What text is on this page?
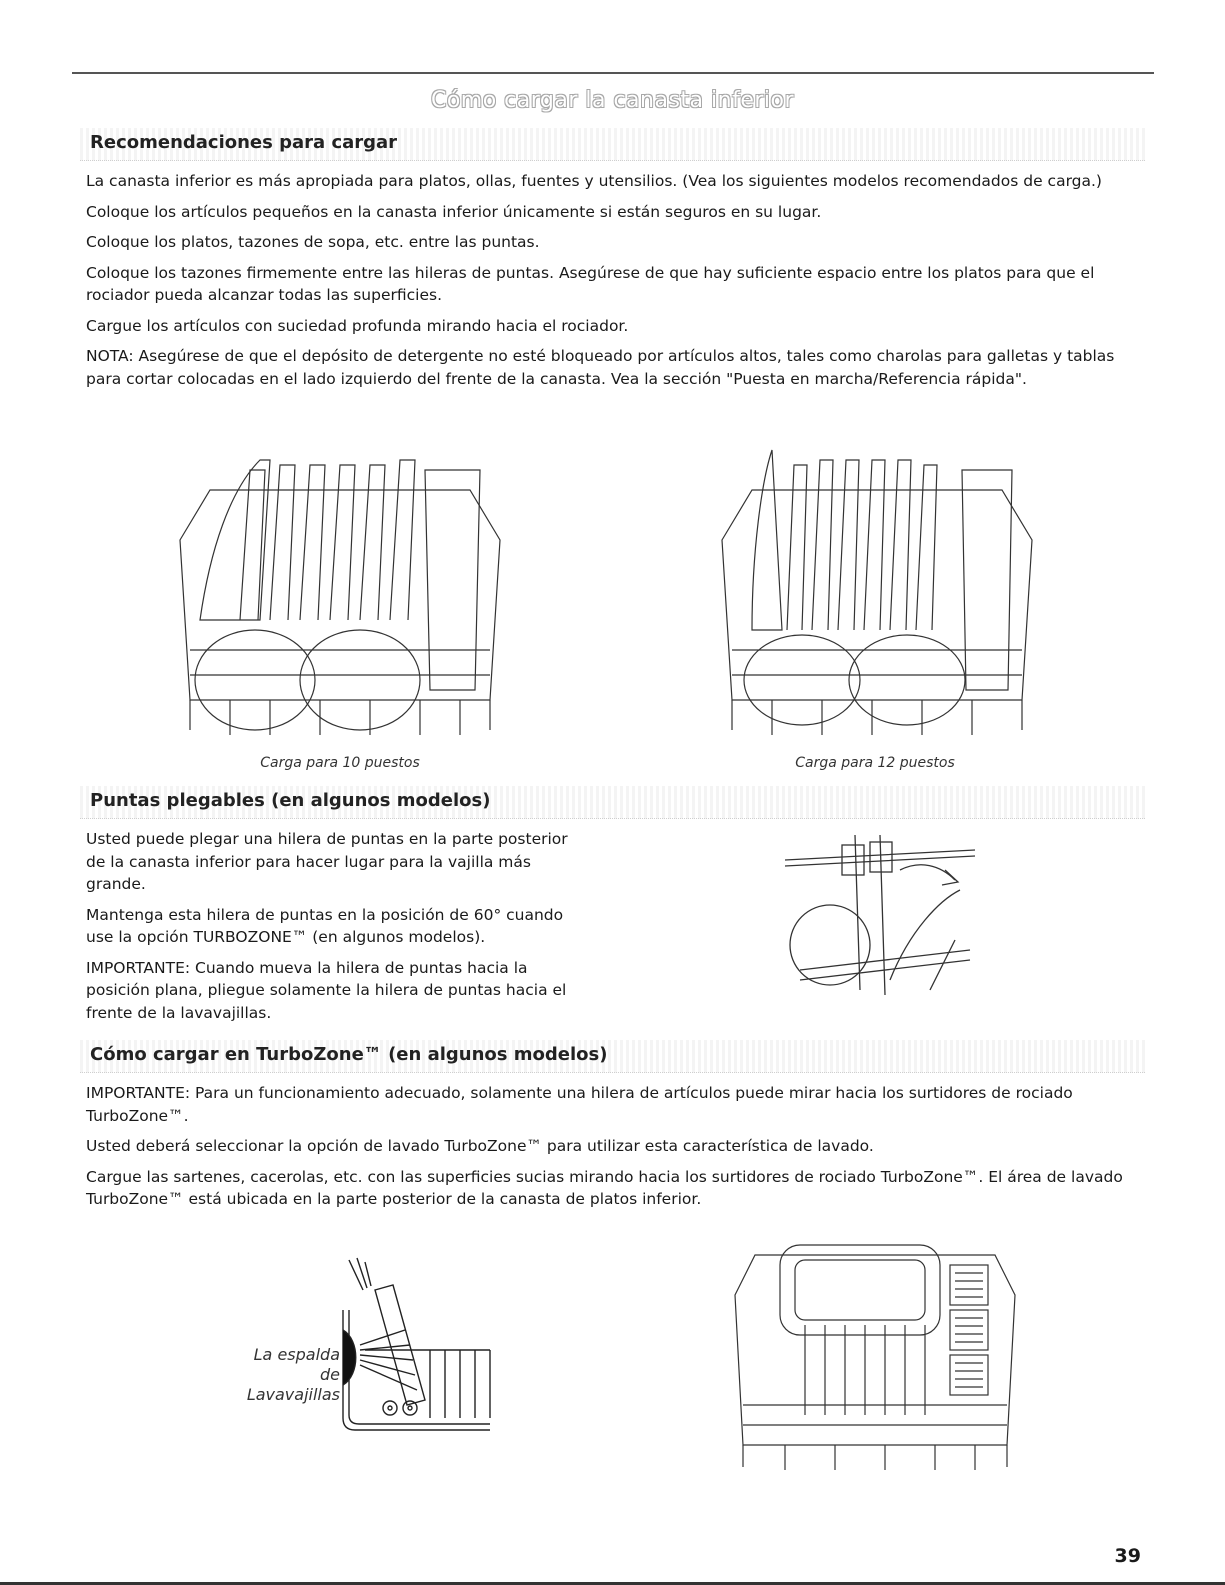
Cómo cargar la canasta inferior
Recomendaciones para cargar

La canasta inferior es más apropiada para platos, ollas, fuentes y utensilios. (Vea los siguientes modelos recomendados de carga.)

Coloque los artículos pequeños en la canasta inferior únicamente si están seguros en su lugar.

Coloque los platos, tazones de sopa, etc. entre las puntas.

Coloque los tazones firmemente entre las hileras de puntas. Asegúrese de que hay suficiente espacio entre los platos para que el rociador pueda alcanzar todas las superficies.

Cargue los artículos con suciedad profunda mirando hacia el rociador.

NOTA: Asegúrese de que el depósito de detergente no esté bloqueado por artículos altos, tales como charolas para galletas y tablas para cortar colocadas en el lado izquierdo del frente de la canasta. Vea la sección "Puesta en marcha/Referencia rápida".

Carga para 10 puestos	Carga para 12 puestos
Puntas plegables (en algunos modelos)

Usted puede plegar una hilera de puntas en la parte posterior de la canasta inferior para hacer lugar para la vajilla más grande.

Mantenga esta hilera de puntas en la posición de 60° cuando use la opción TURBOZONE™ (en algunos modelos).

IMPORTANTE: Cuando mueva la hilera de puntas hacia la posición plana, pliegue solamente la hilera de puntas hacia el frente de la lavavajillas.

Cómo cargar en TurboZone™ (en algunos modelos)

IMPORTANTE: Para un funcionamiento adecuado, solamente una hilera de artículos puede mirar hacia los surtidores de rociado TurboZone™.

Usted deberá seleccionar la opción de lavado TurboZone™ para utilizar esta característica de lavado.

Cargue las sartenes, cacerolas, etc. con las superficies sucias mirando hacia los surtidores de rociado TurboZone™. El área de lavado TurboZone™ está ubicada en la parte posterior de la canasta de platos inferior.

La espalda
de
Lavavajillas
39
